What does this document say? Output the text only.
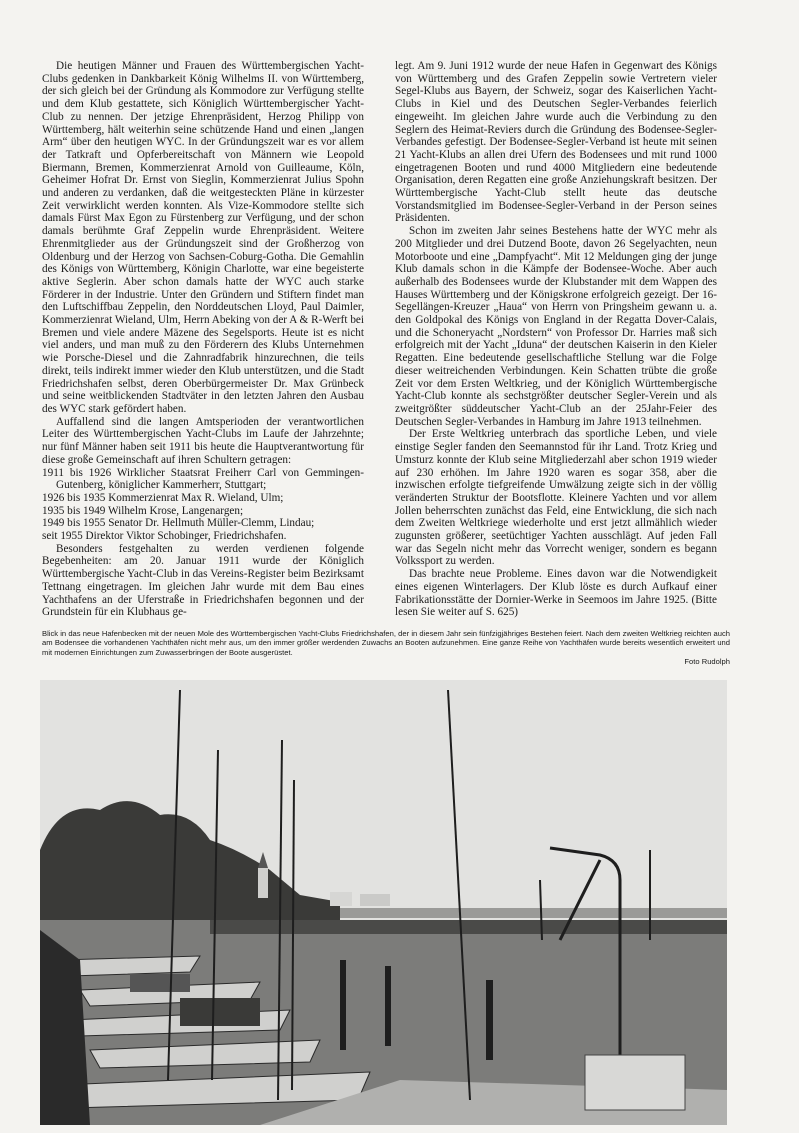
Die heutigen Männer und Frauen des Württembergischen Yacht-Clubs gedenken in Dankbarkeit König Wilhelms II. von Württemberg, der sich gleich bei der Gründung als Kommodore zur Verfügung stellte und dem Klub gestattete, sich Königlich Württembergischer Yacht-Club zu nennen. Der jetzige Ehrenpräsident, Herzog Philipp von Württemberg, hält weiterhin seine schützende Hand und einen „langen Arm“ über den heutigen WYC. In der Gründungszeit war es vor allem der Tatkraft und Opferbereitschaft von Männern wie Leopold Biermann, Bremen, Kommerzienrat Arnold von Guilleaume, Köln, Geheimer Hofrat Dr. Ernst von Sieglin, Kommerzienrat Julius Spohn und anderen zu verdanken, daß die weitgesteckten Pläne in kürzester Zeit verwirklicht werden konnten. Als Vize-Kommodore stellte sich damals Fürst Max Egon zu Fürstenberg zur Verfügung, und der schon damals berühmte Graf Zeppelin wurde Ehrenpräsident. Weitere Ehrenmitglieder aus der Gründungszeit sind der Großherzog von Oldenburg und der Herzog von Sachsen-Coburg-Gotha. Die Gemahlin des Königs von Württemberg, Königin Charlotte, war eine begeisterte aktive Seglerin. Aber schon damals hatte der WYC auch starke Förderer in der Industrie. Unter den Gründern und Stiftern findet man den Luftschiffbau Zeppelin, den Norddeutschen Lloyd, Paul Daimler, Kommerzienrat Wieland, Ulm, Herrn Abeking von der A & R-Werft bei Bremen und viele andere Mäzene des Segelsports. Heute ist es nicht viel anders, und man muß zu den Förderern des Klubs Unternehmen wie Porsche-Diesel und die Zahnradfabrik hinzurechnen, die teils direkt, teils indirekt immer wieder den Klub unterstützen, und die Stadt Friedrichshafen selbst, deren Oberbürgermeister Dr. Max Grünbeck und seine weitblickenden Stadtväter in den letzten Jahren den Ausbau des WYC stark gefördert haben.

Auffallend sind die langen Amtsperioden der verantwortlichen Leiter des Württembergischen Yacht-Clubs im Laufe der Jahrzehnte; nur fünf Männer haben seit 1911 bis heute die Hauptverantwortung für diese große Gemeinschaft auf ihren Schultern getragen:

1911 bis 1926 Wirklicher Staatsrat Freiherr Carl von Gemmingen-Gutenberg, königlicher Kammerherr, Stuttgart;
1926 bis 1935 Kommerzienrat Max R. Wieland, Ulm;
1935 bis 1949 Wilhelm Krose, Langenargen;
1949 bis 1955 Senator Dr. Hellmuth Müller-Clemm, Lindau;
seit 1955 Direktor Viktor Schobinger, Friedrichshafen.

Besonders festgehalten zu werden verdienen folgende Begebenheiten: am 20. Januar 1911 wurde der Königlich Württembergische Yacht-Club in das Vereins-Register beim Bezirksamt Tettnang eingetragen. Im gleichen Jahr wurde mit dem Bau eines Yachthafens an der Uferstraße in Friedrichshafen begonnen und der Grundstein für ein Klubhaus ge-

legt. Am 9. Juni 1912 wurde der neue Hafen in Gegenwart des Königs von Württemberg und des Grafen Zeppelin sowie Vertretern vieler Segel-Klubs aus Bayern, der Schweiz, sogar des Kaiserlichen Yacht-Clubs in Kiel und des Deutschen Segler-Verbandes feierlich eingeweiht. Im gleichen Jahre wurde auch die Verbindung zu den Seglern des Heimat-Reviers durch die Gründung des Bodensee-Segler-Verbandes gefestigt. Der Bodensee-Segler-Verband ist heute mit seinen 21 Yacht-Klubs an allen drei Ufern des Bodensees und mit rund 1000 eingetragenen Booten und rund 4000 Mitgliedern eine bedeutende Organisation, deren Regatten eine große Anziehungskraft besitzen. Der Württembergische Yacht-Club stellt heute das deutsche Vorstandsmitglied im Bodensee-Segler-Verband in der Person seines Präsidenten.

Schon im zweiten Jahr seines Bestehens hatte der WYC mehr als 200 Mitglieder und drei Dutzend Boote, davon 26 Segelyachten, neun Motorboote und eine „Dampfyacht“. Mit 12 Meldungen ging der junge Klub damals schon in die Kämpfe der Bodensee-Woche. Aber auch außerhalb des Bodensees wurde der Klubstander mit dem Wappen des Hauses Württemberg und der Königskrone erfolgreich gezeigt. Der 16-Segellängen-Kreuzer „Haua“ von Herrn von Pringsheim gewann u. a. den Goldpokal des Königs von England in der Regatta Dover-Calais, und die Schoneryacht „Nordstern“ von Professor Dr. Harries maß sich erfolgreich mit der Yacht „Iduna“ der deutschen Kaiserin in den Kieler Regatten. Eine bedeutende gesellschaftliche Stellung war die Folge dieser weitreichenden Verbindungen. Kein Schatten trübte die große Zeit vor dem Ersten Weltkrieg, und der Königlich Württembergische Yacht-Club konnte als sechstgrößter deutscher Segler-Verein und als zweitgrößter süddeutscher Yacht-Club an der 25Jahr-Feier des Deutschen Segler-Verbandes in Hamburg im Jahre 1913 teilnehmen.

Der Erste Weltkrieg unterbrach das sportliche Leben, und viele einstige Segler fanden den Seemannstod für ihr Land. Trotz Krieg und Umsturz konnte der Klub seine Mitgliederzahl aber schon 1919 wieder auf 230 erhöhen. Im Jahre 1920 waren es sogar 358, aber die inzwischen erfolgte tiefgreifende Umwälzung zeigte sich in der völlig veränderten Struktur der Bootsflotte. Kleinere Yachten und vor allem Jollen beherrschten zunächst das Feld, eine Entwicklung, die sich nach dem Zweiten Weltkriege wiederholte und erst jetzt allmählich wieder zugunsten größerer, seetüchtiger Yachten ausschlägt. Auf jeden Fall war das Segeln nicht mehr das Vorrecht weniger, sondern es begann Volkssport zu werden.

Das brachte neue Probleme. Eines davon war die Notwendigkeit eines eigenen Winterlagers. Der Klub löste es durch Aufkauf einer Fabrikationsstätte der Dornier-Werke in Seemoos im Jahre 1925. (Bitte lesen Sie weiter auf S. 625)

Blick in das neue Hafenbecken mit der neuen Mole des Württembergischen Yacht-Clubs Friedrichshafen, der in diesem Jahr sein fünfzigjähriges Bestehen feiert. Nach dem zweiten Weltkrieg reichten auch am Bodensee die vorhandenen Yachthäfen nicht mehr aus, um den immer größer werdenden Zuwachs an Booten aufzunehmen. Eine ganze Reihe von Yachthäfen wurde bereits wesentlich erweitert und mit modernen Einrichtungen zum Zuwasserbringen der Boote ausgerüstet.
Foto Rudolph
